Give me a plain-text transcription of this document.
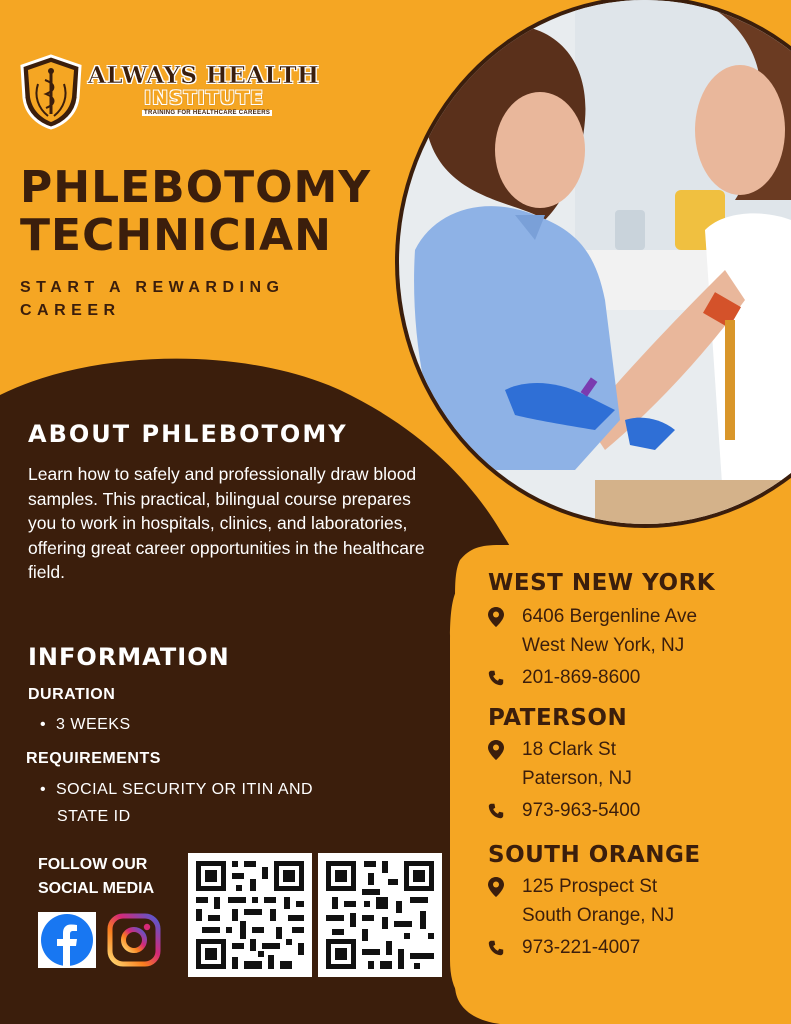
ALWAYS HEALTH
INSTITUTE
TRAINING FOR HEALTHCARE CAREERS
PHLEBOTOMY
TECHNICIAN
START A REWARDING CAREER
ABOUT PHLEBOTOMY
Learn how to safely and professionally draw blood samples. This practical, bilingual course prepares you to work in hospitals, clinics, and laboratories, offering great career opportunities in the healthcare field.
INFORMATION
DURATION
• 3 WEEKS
REQUIREMENTS
• SOCIAL SECURITY OR ITIN AND
STATE ID
FOLLOW OUR
SOCIAL MEDIA
WEST NEW YORK
6406 Bergenline Ave
West New York, NJ
201-869-8600
PATERSON
18 Clark St
Paterson, NJ
973-963-5400
SOUTH ORANGE
125 Prospect St
South Orange, NJ
973-221-4007
